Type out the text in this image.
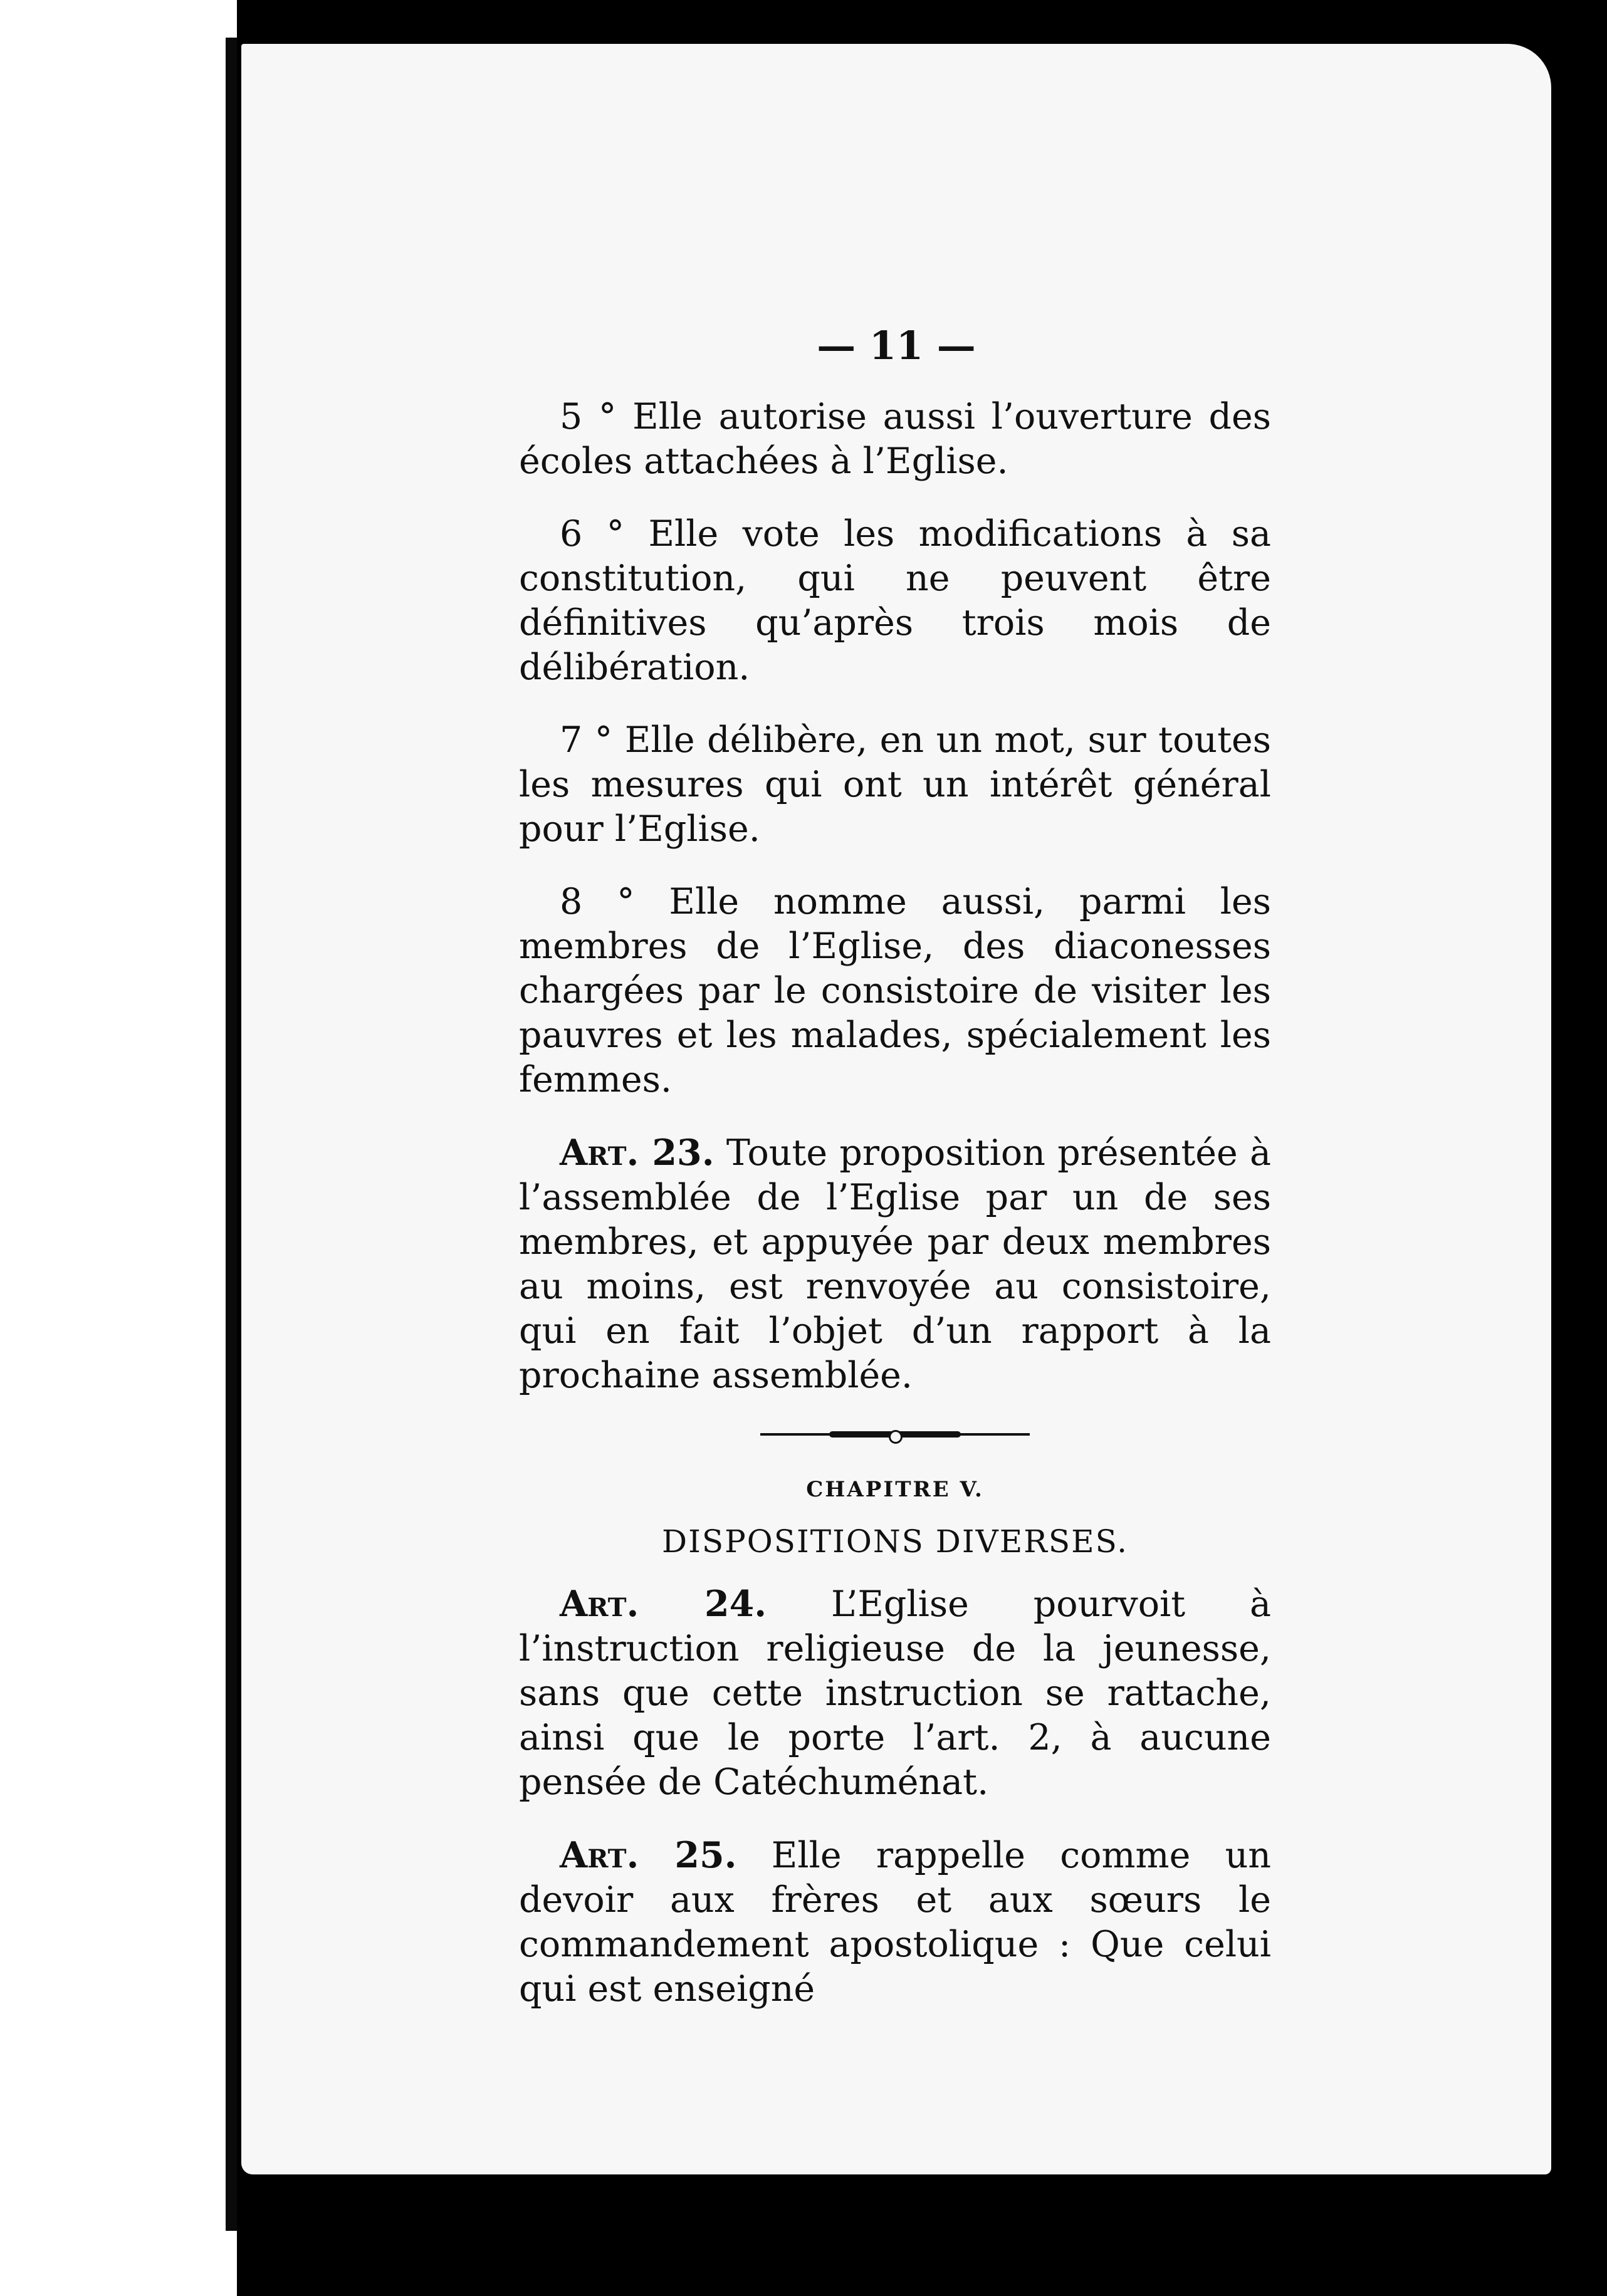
— 11 —

5 ° Elle autorise aussi l’ouverture des écoles attachées à l’Eglise.

6 ° Elle vote les modifications à sa constitution, qui ne peuvent être définitives qu’après trois mois de délibération.

7 ° Elle délibère, en un mot, sur toutes les mesures qui ont un intérêt général pour l’Eglise.

8 ° Elle nomme aussi, parmi les membres de l’Eglise, des diaconesses chargées par le consistoire de visiter les pauvres et les malades, spécialement les femmes.

Art. 23. Toute proposition présentée à l’assemblée de l’Eglise par un de ses membres, et appuyée par deux membres au moins, est renvoyée au consistoire, qui en fait l’objet d’un rapport à la prochaine assemblée.

CHAPITRE V.
DISPOSITIONS DIVERSES.

Art. 24. L’Eglise pourvoit à l’instruction religieuse de la jeunesse, sans que cette instruction se rattache, ainsi que le porte l’art. 2, à aucune pensée de Catéchuménat.

Art. 25. Elle rappelle comme un devoir aux frères et aux sœurs le commandement apostolique : Que celui qui est enseigné
